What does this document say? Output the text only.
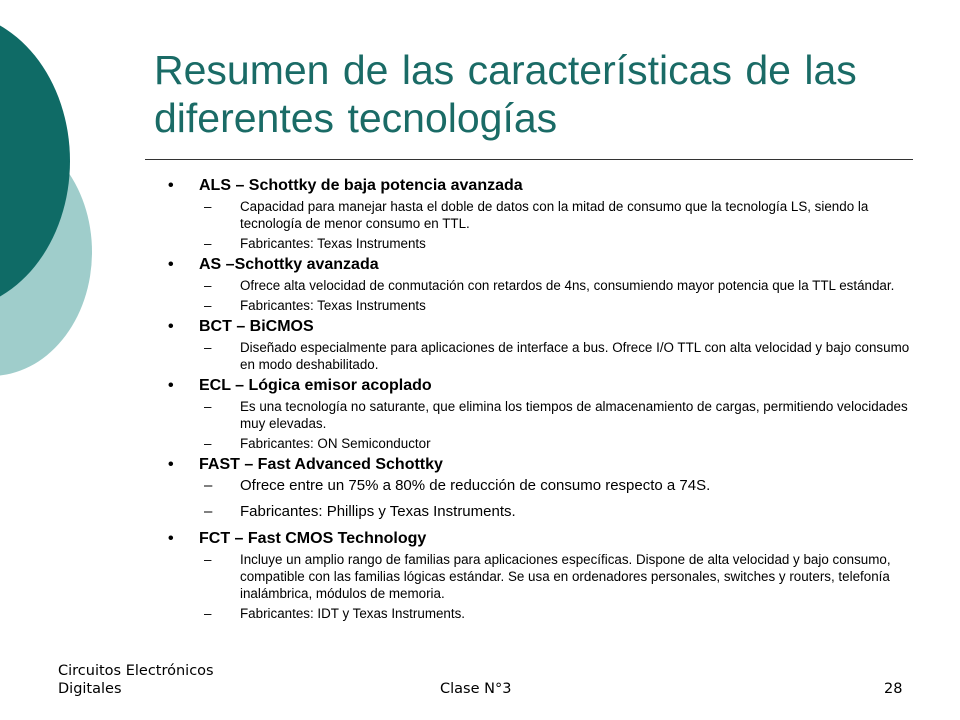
Resumen de las características de las diferentes tecnologías
•	ALS – Schottky de baja potencia avanzada
–	Capacidad para manejar hasta el doble de datos con la mitad de consumo que la tecnología LS, siendo la tecnología de menor consumo en TTL.
–	Fabricantes: Texas Instruments
•	AS –Schottky avanzada
–	Ofrece alta velocidad de conmutación con retardos de 4ns, consumiendo mayor potencia que la TTL estándar.
–	Fabricantes: Texas Instruments
•	BCT – BiCMOS
–	Diseñado especialmente para aplicaciones de interface a bus. Ofrece I/O TTL con alta velocidad y bajo consumo en modo deshabilitado.
•	ECL – Lógica emisor acoplado
–	Es una tecnología no saturante, que elimina los tiempos de almacenamiento de cargas, permitiendo velocidades muy elevadas.
–	Fabricantes: ON Semiconductor
•	FAST – Fast Advanced Schottky
–	Ofrece entre un 75% a 80% de reducción de consumo respecto a 74S.
–	Fabricantes: Phillips y Texas Instruments.
•	FCT – Fast CMOS Technology
–	Incluye un amplio rango de familias para aplicaciones específicas. Dispone de alta velocidad y bajo consumo, compatible con las familias lógicas estándar. Se usa en ordenadores personales, switches y routers, telefonía inalámbrica, módulos de memoria.
–	Fabricantes: IDT y Texas Instruments.
Circuitos Electrónicos Digitales	Clase N°3	28
